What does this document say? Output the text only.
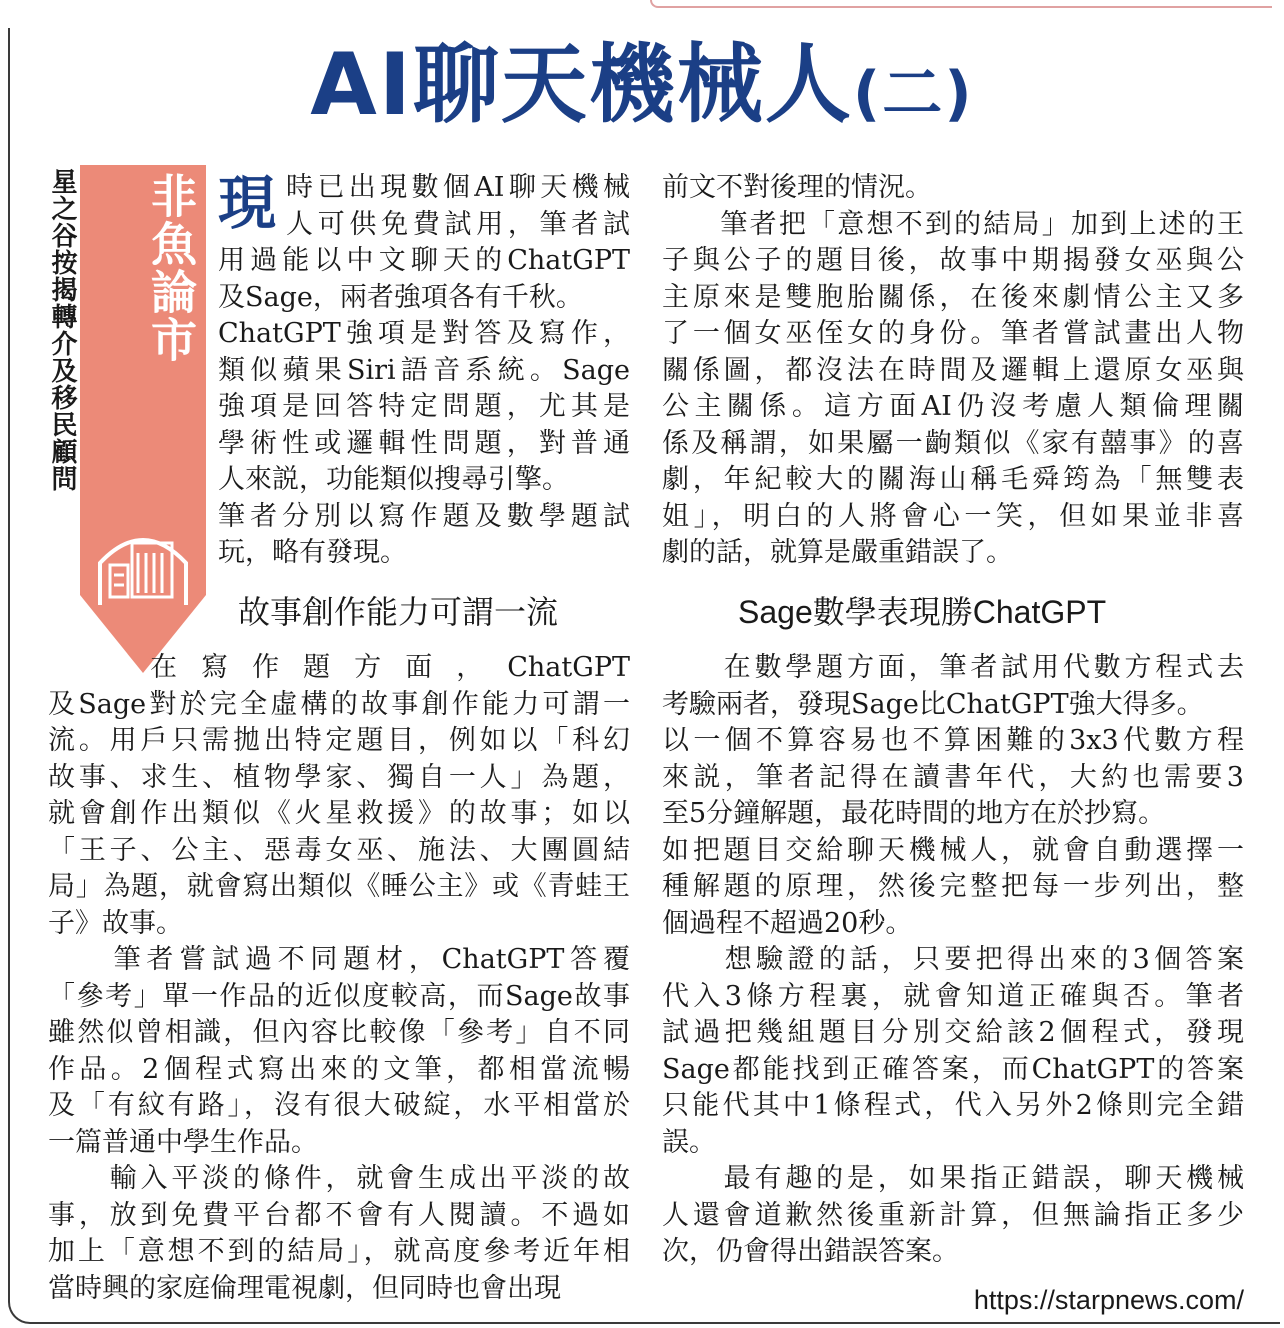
AI聊天機械人(二)
星之谷按揭轉介及移民顧問 非魚論市 現 時已出現數個AI聊天機械
人可供免費試用，筆者試
用過能以中文聊天的ChatGPT
及Sage，兩者強項各有千秋。
ChatGPT強項是對答及寫作，
類似蘋果Siri語音系統。Sage
強項是回答特定問題，尤其是
學術性或邏輯性問題，對普通
人來説，功能類似搜尋引擎。
筆者分別以寫作題及數學題試
玩，略有發現。
故事創作能力可謂一流
　　在寫作題方面，ChatGPT
及Sage對於完全虛構的故事創作能力可謂一
流。用戶只需拋出特定題目，例如以「科幻
故事、求生、植物學家、獨自一人」為題，
就會創作出類似《火星救援》的故事；如以
「王子、公主、惡毒女巫、施法、大團圓結
局」為題，就會寫出類似《睡公主》或《青蛙王
子》故事。
　　筆者嘗試過不同題材，ChatGPT答覆
「參考」單一作品的近似度較高，而Sage故事
雖然似曾相識，但內容比較像「參考」自不同
作品。2個程式寫出來的文筆，都相當流暢
及「有紋有路」，沒有很大破綻，水平相當於
一篇普通中學生作品。
　　輸入平淡的條件，就會生成出平淡的故
事，放到免費平台都不會有人閱讀。不過如
加上「意想不到的結局」，就高度參考近年相
當時興的家庭倫理電視劇，但同時也會出現
前文不對後理的情況。
　　筆者把「意想不到的結局」加到上述的王
子與公子的題目後，故事中期揭發女巫與公
主原來是雙胞胎關係，在後來劇情公主又多
了一個女巫侄女的身份。筆者嘗試畫出人物
關係圖，都沒法在時間及邏輯上還原女巫與
公主關係。這方面AI仍沒考慮人類倫理關
係及稱謂，如果屬一齣類似《家有囍事》的喜
劇，年紀較大的關海山稱毛舜筠為「無雙表
姐」，明白的人將會心一笑，但如果並非喜
劇的話，就算是嚴重錯誤了。
Sage數學表現勝ChatGPT
　　在數學題方面，筆者試用代數方程式去
考驗兩者，發現Sage比ChatGPT強大得多。
以一個不算容易也不算困難的3x3代數方程
來説，筆者記得在讀書年代，大約也需要3
至5分鐘解題，最花時間的地方在於抄寫。
如把題目交給聊天機械人，就會自動選擇一
種解題的原理，然後完整把每一步列出，整
個過程不超過20秒。
　　想驗證的話，只要把得出來的3個答案
代入3條方程裏，就會知道正確與否。筆者
試過把幾組題目分別交給該2個程式，發現
Sage都能找到正確答案，而ChatGPT的答案
只能代其中1條程式，代入另外2條則完全錯
誤。
　　最有趣的是，如果指正錯誤，聊天機械
人還會道歉然後重新計算，但無論指正多少
次，仍會得出錯誤答案。
https://starpnews.com/
